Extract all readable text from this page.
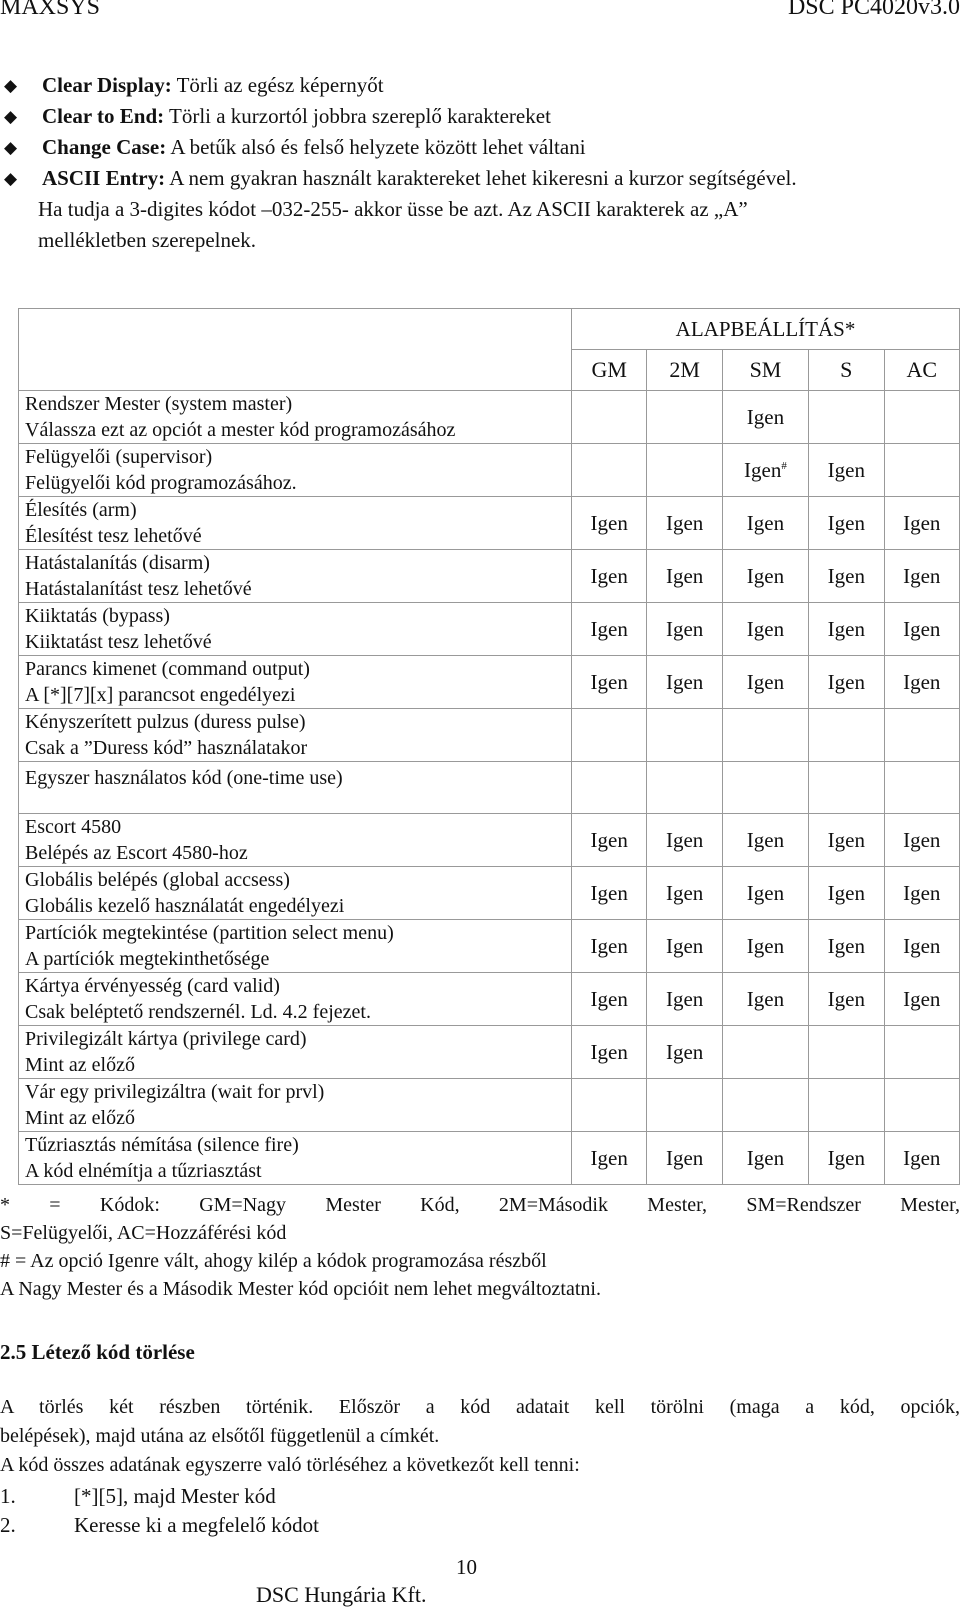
MAXSYS	DSC PC4020v3.0
◆	Clear Display: Törli az egész képernyőt
◆	Clear to End: Törli a kurzortól jobbra szereplő karaktereket
◆	Change Case: A betűk alsó és felső helyzete között lehet váltani
◆	ASCII Entry: A nem gyakran használt karaktereket lehet kikeresni a kurzor segítségével.
Ha tudja a 3-digites kódot –032-255- akkor üsse be azt. Az ASCII karakterek az „A”
mellékletben szerepelnek.
	ALAPBEÁLLÍTÁS*				
	GM	2M	SM	S	AC

Rendszer Mester (system master)
Válassza ezt az opciót a mester kód programozásához			Igen		

Felügyelői (supervisor)
Felügyelői kód programozásához.			Igen#	Igen	

Élesítés (arm)
Élesítést tesz lehetővé	Igen	Igen	Igen	Igen	Igen

Hatástalanítás (disarm)
Hatástalanítást tesz lehetővé	Igen	Igen	Igen	Igen	Igen

Kiiktatás (bypass)
Kiiktatást tesz lehetővé	Igen	Igen	Igen	Igen	Igen

Parancs kimenet (command output)
A [*][7][x] parancsot engedélyezi	Igen	Igen	Igen	Igen	Igen

Kényszerített pulzus (duress pulse)
Csak a ”Duress kód” használatakor					

Egyszer használatos kód (one-time use)					

Escort 4580
Belépés az Escort 4580-hoz	Igen	Igen	Igen	Igen	Igen

Globális belépés (global accsess)
Globális kezelő használatát engedélyezi	Igen	Igen	Igen	Igen	Igen

Partíciók megtekintése (partition select menu)
A partíciók megtekinthetősége	Igen	Igen	Igen	Igen	Igen

Kártya érvényesség (card valid)
Csak beléptető rendszernél. Ld. 4.2 fejezet.	Igen	Igen	Igen	Igen	Igen

Privilegizált kártya (privilege card)
Mint az előző	Igen	Igen			

Vár egy privilegizáltra (wait for prvl)
Mint az előző					

Tűzriasztás némítása (silence fire)
A kód elnémítja a tűzriasztást	Igen	Igen	Igen	Igen	Igen
* = Kódok: GM=Nagy Mester Kód, 2M=Második Mester, SM=Rendszer Mester,
S=Felügyelői, AC=Hozzáférési kód
# = Az opció Igenre vált, ahogy kilép a kódok programozása részből
A Nagy Mester és a Második Mester kód opcióit nem lehet megváltoztatni.
2.5 Létező kód törlése
A törlés két részben történik. Először a kód adatait kell törölni (maga a kód, opciók,
belépések), majd utána az elsőtől függetlenül a címkét.
A kód összes adatának egyszerre való törléséhez a következőt kell tenni:
1.	[*][5], majd Mester kód
2.	Keresse ki a megfelelő kódot
10
DSC Hungária Kft.
